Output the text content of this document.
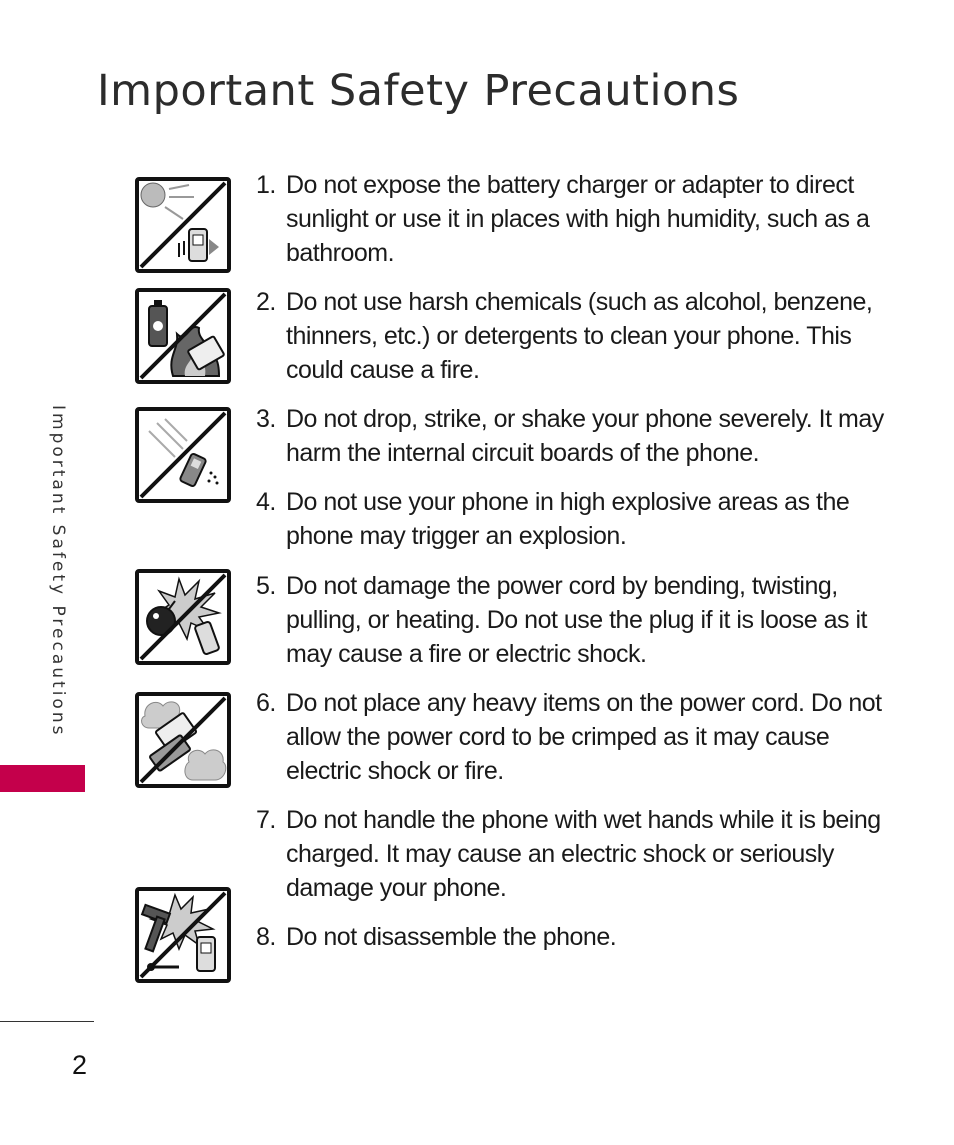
Important Safety Precautions
Important Safety Precautions
1. Do not expose the battery charger or adapter to direct sunlight or use it in places with high humidity, such as a bathroom.
2. Do not use harsh chemicals (such as alcohol, benzene, thinners, etc.) or detergents to clean your phone. This could cause a fire.
3. Do not drop, strike, or shake your phone severely. It may harm the internal circuit boards of the phone.
4. Do not use your phone in high explosive areas as the phone may trigger an explosion.
5. Do not damage the power cord by bending, twisting, pulling, or heating. Do not use the plug if it is loose as it may cause a fire or electric shock.
6. Do not place any heavy items on the power cord. Do not allow the power cord to be crimped as it may cause electric shock or fire.
7. Do not handle the phone with wet hands while it is being charged. It may cause an electric shock or seriously damage your phone.
8. Do not disassemble the phone.
2
